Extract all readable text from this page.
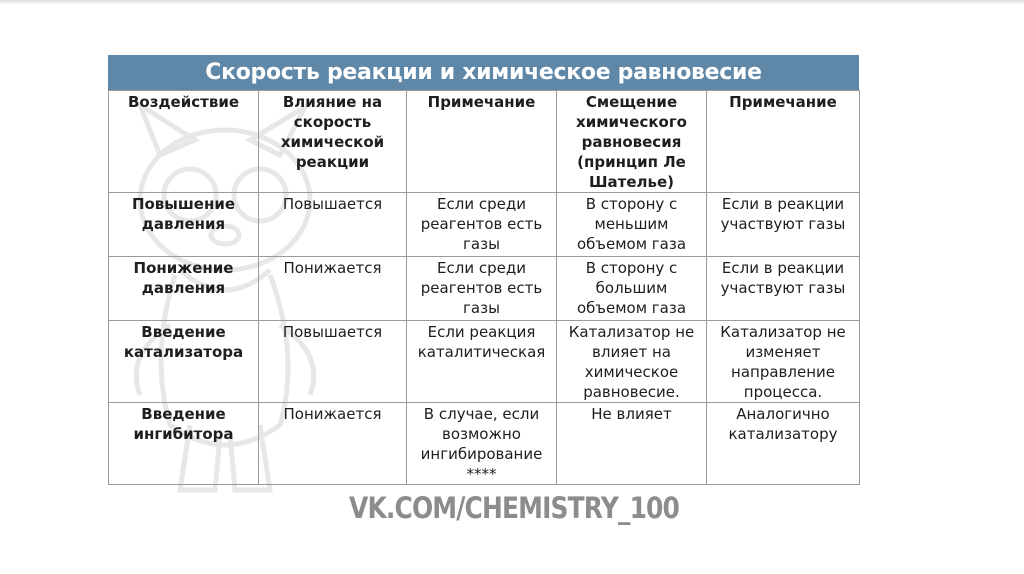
Скорость реакции и химическое равновесие
Воздействие	Влияние на скорость химической реакции	Примечание	Смещение химического равновесия (принцип Ле Шателье)	Примечание
Повышение давления	Повышается	Если среди реагентов есть газы	В сторону с меньшим объемом газа	Если в реакции участвуют газы
Понижение давления	Понижается	Если среди реагентов есть газы	В сторону с большим объемом газа	Если в реакции участвуют газы
Введение катализатора	Повышается	Если реакция каталитическая	Катализатор не влияет на химическое равновесие.	Катализатор не изменяет направление процесса.
Введение ингибитора	Понижается	В случае, если возможно ингибирование ****	Не влияет	Аналогично катализатору
VK.COM/CHEMISTRY_100
